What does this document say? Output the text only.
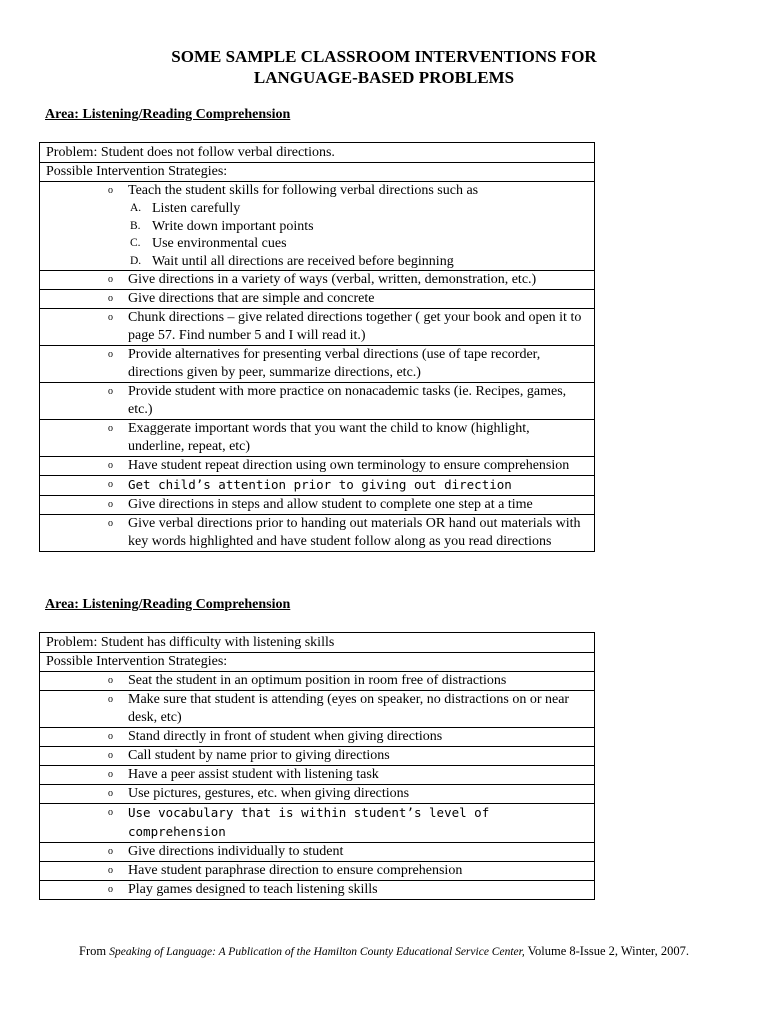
SOME SAMPLE CLASSROOM INTERVENTIONS FOR
LANGUAGE-BASED PROBLEMS
Area: Listening/Reading Comprehension
Problem: Student does not follow verbal directions.
Possible Intervention Strategies:
o Teach the student skills for following verbal directions such as
A. Listen carefully
B. Write down important points
C. Use environmental cues
D. Wait until all directions are received before beginning
o Give directions in a variety of ways (verbal, written, demonstration, etc.)
o Give directions that are simple and concrete
o Chunk directions – give related directions together ( get your book and open it to page 57. Find number 5 and I will read it.)
o Provide alternatives for presenting verbal directions (use of tape recorder, directions given by peer, summarize directions, etc.)
o Provide student with more practice on nonacademic tasks (ie. Recipes, games, etc.)
o Exaggerate important words that you want the child to know (highlight, underline, repeat, etc)
o Have student repeat direction using own terminology to ensure comprehension
o Get child’s attention prior to giving out direction
o Give directions in steps and allow student to complete one step at a time
o Give verbal directions prior to handing out materials OR hand out materials with key words highlighted and have student follow along as you read directions
Area: Listening/Reading Comprehension
Problem: Student has difficulty with listening skills
Possible Intervention Strategies:
o Seat the student in an optimum position in room free of distractions
o Make sure that student is attending (eyes on speaker, no distractions on or near desk, etc)
o Stand directly in front of student when giving directions
o Call student by name prior to giving directions
o Have a peer assist student with listening task
o Use pictures, gestures, etc. when giving directions
o Use vocabulary that is within student’s level of comprehension
o Give directions individually to student
o Have student paraphrase direction to ensure comprehension
o Play games designed to teach listening skills
From Speaking of Language: A Publication of the Hamilton County Educational Service Center, Volume 8-Issue 2, Winter, 2007.
